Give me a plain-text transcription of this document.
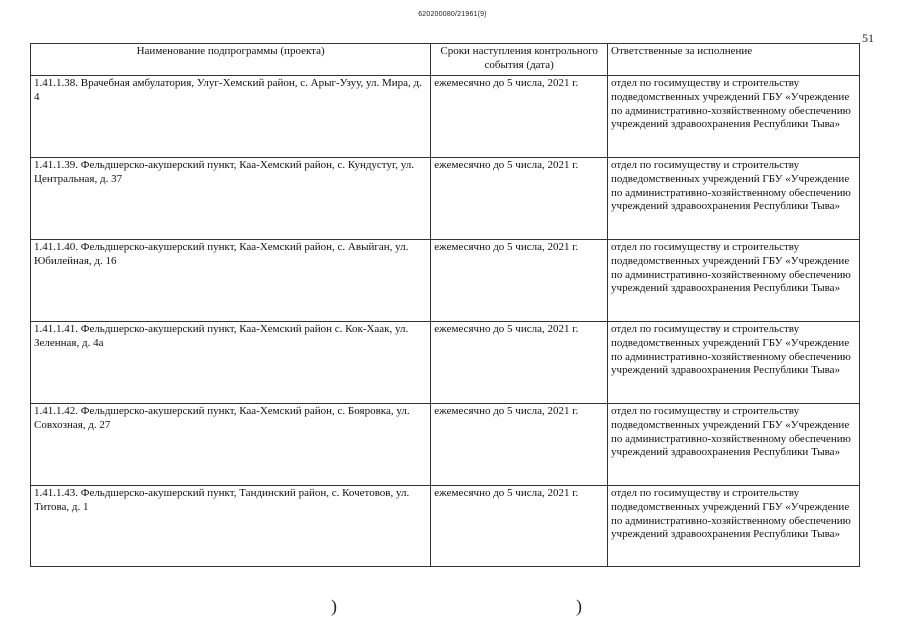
620200080/21961(9)
51
Наименование подпрограммы (проекта)	Сроки наступления контрольного события (дата)	Ответственные за исполнение
1.41.1.38. Врачебная амбулатория, Улуг-Хемский район, с. Арыг-Узуу, ул. Мира, д. 4	ежемесячно до 5 числа, 2021 г.	отдел по госимуществу и строительству подведомственных учреждений ГБУ «Учреждение по административно-хозяйственному обеспечению учреждений здравоохранения Республики Тыва»
1.41.1.39. Фельдшерско-акушерский пункт, Каа-Хемский район, с. Кундустуг, ул. Центральная, д. 37	ежемесячно до 5 числа, 2021 г.	отдел по госимуществу и строительству подведомственных учреждений ГБУ «Учреждение по административно-хозяйственному обеспечению учреждений здравоохранения Республики Тыва»
1.41.1.40. Фельдшерско-акушерский пункт, Каа-Хемский район, с. Авыйган, ул. Юбилейная, д. 16	ежемесячно до 5 числа, 2021 г.	отдел по госимуществу и строительству подведомственных учреждений ГБУ «Учреждение по административно-хозяйственному обеспечению учреждений здравоохранения Республики Тыва»
1.41.1.41. Фельдшерско-акушерский пункт, Каа-Хемский район с. Кок-Хаак, ул. Зеленная, д. 4а	ежемесячно до 5 числа, 2021 г.	отдел по госимуществу и строительству подведомственных учреждений ГБУ «Учреждение по административно-хозяйственному обеспечению учреждений здравоохранения Республики Тыва»
1.41.1.42. Фельдшерско-акушерский пункт, Каа-Хемский район, с. Бояровка, ул. Совхозная, д. 27	ежемесячно до 5 числа, 2021 г.	отдел по госимуществу и строительству подведомственных учреждений ГБУ «Учреждение по административно-хозяйственному обеспечению учреждений здравоохранения Республики Тыва»
1.41.1.43. Фельдшерско-акушерский пункт, Тандинский район, с. Кочетовов, ул. Титова, д. 1	ежемесячно до 5 числа, 2021 г.	отдел по госимуществу и строительству подведомственных учреждений ГБУ «Учреждение по административно-хозяйственному обеспечению учреждений здравоохранения Республики Тыва»
)	)
